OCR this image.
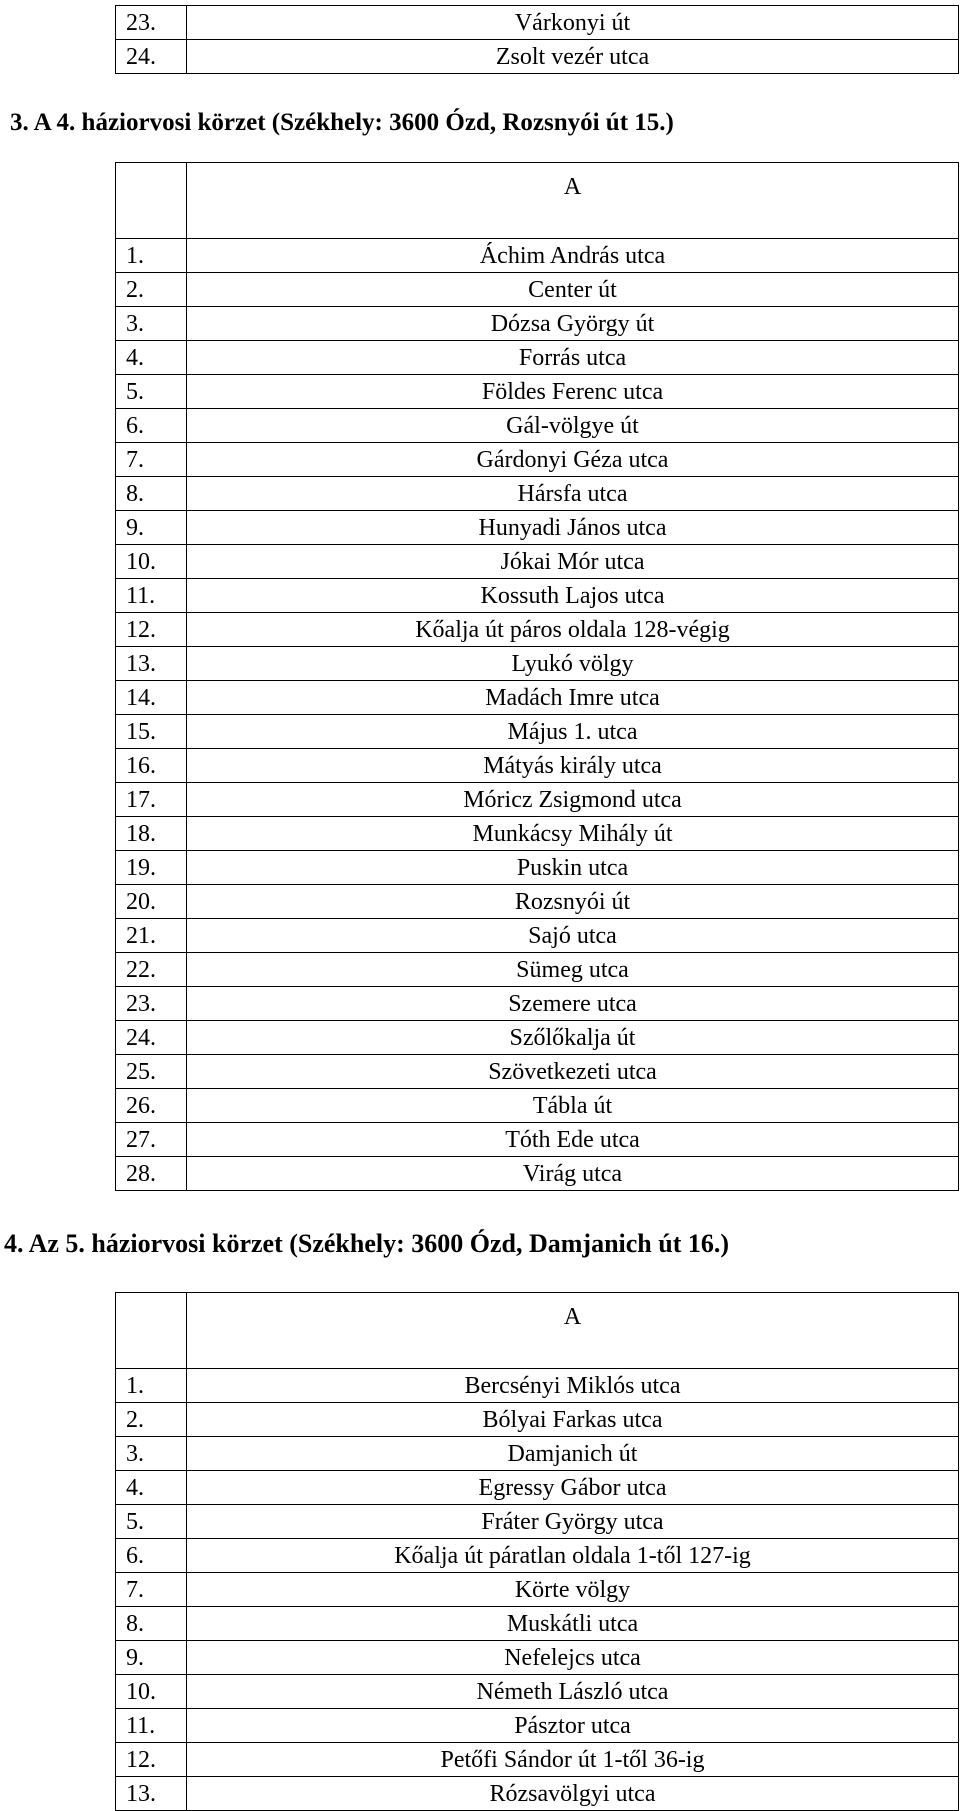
23.	Várkonyi út
24.	Zsolt vezér utca
3. A 4. háziorvosi körzet (Székhely: 3600 Ózd, Rozsnyói út 15.)
	A
1.	Áchim András utca
2.	Center út
3.	Dózsa György út
4.	Forrás utca
5.	Földes Ferenc utca
6.	Gál-völgye út
7.	Gárdonyi Géza utca
8.	Hársfa utca
9.	Hunyadi János utca
10.	Jókai Mór utca
11.	Kossuth Lajos utca
12.	Kőalja út páros oldala 128-végig
13.	Lyukó völgy
14.	Madách Imre utca
15.	Május 1. utca
16.	Mátyás király utca
17.	Móricz Zsigmond utca
18.	Munkácsy Mihály út
19.	Puskin utca
20.	Rozsnyói út
21.	Sajó utca
22.	Sümeg utca
23.	Szemere utca
24.	Szőlőkalja út
25.	Szövetkezeti utca
26.	Tábla út
27.	Tóth Ede utca
28.	Virág utca
4. Az 5. háziorvosi körzet (Székhely: 3600 Ózd, Damjanich út 16.)
	A
1.	Bercsényi Miklós utca
2.	Bólyai Farkas utca
3.	Damjanich út
4.	Egressy Gábor utca
5.	Fráter György utca
6.	Kőalja út páratlan oldala 1-től 127-ig
7.	Körte völgy
8.	Muskátli utca
9.	Nefelejcs utca
10.	Németh László utca
11.	Pásztor utca
12.	Petőfi Sándor út 1-től 36-ig
13.	Rózsavölgyi utca
